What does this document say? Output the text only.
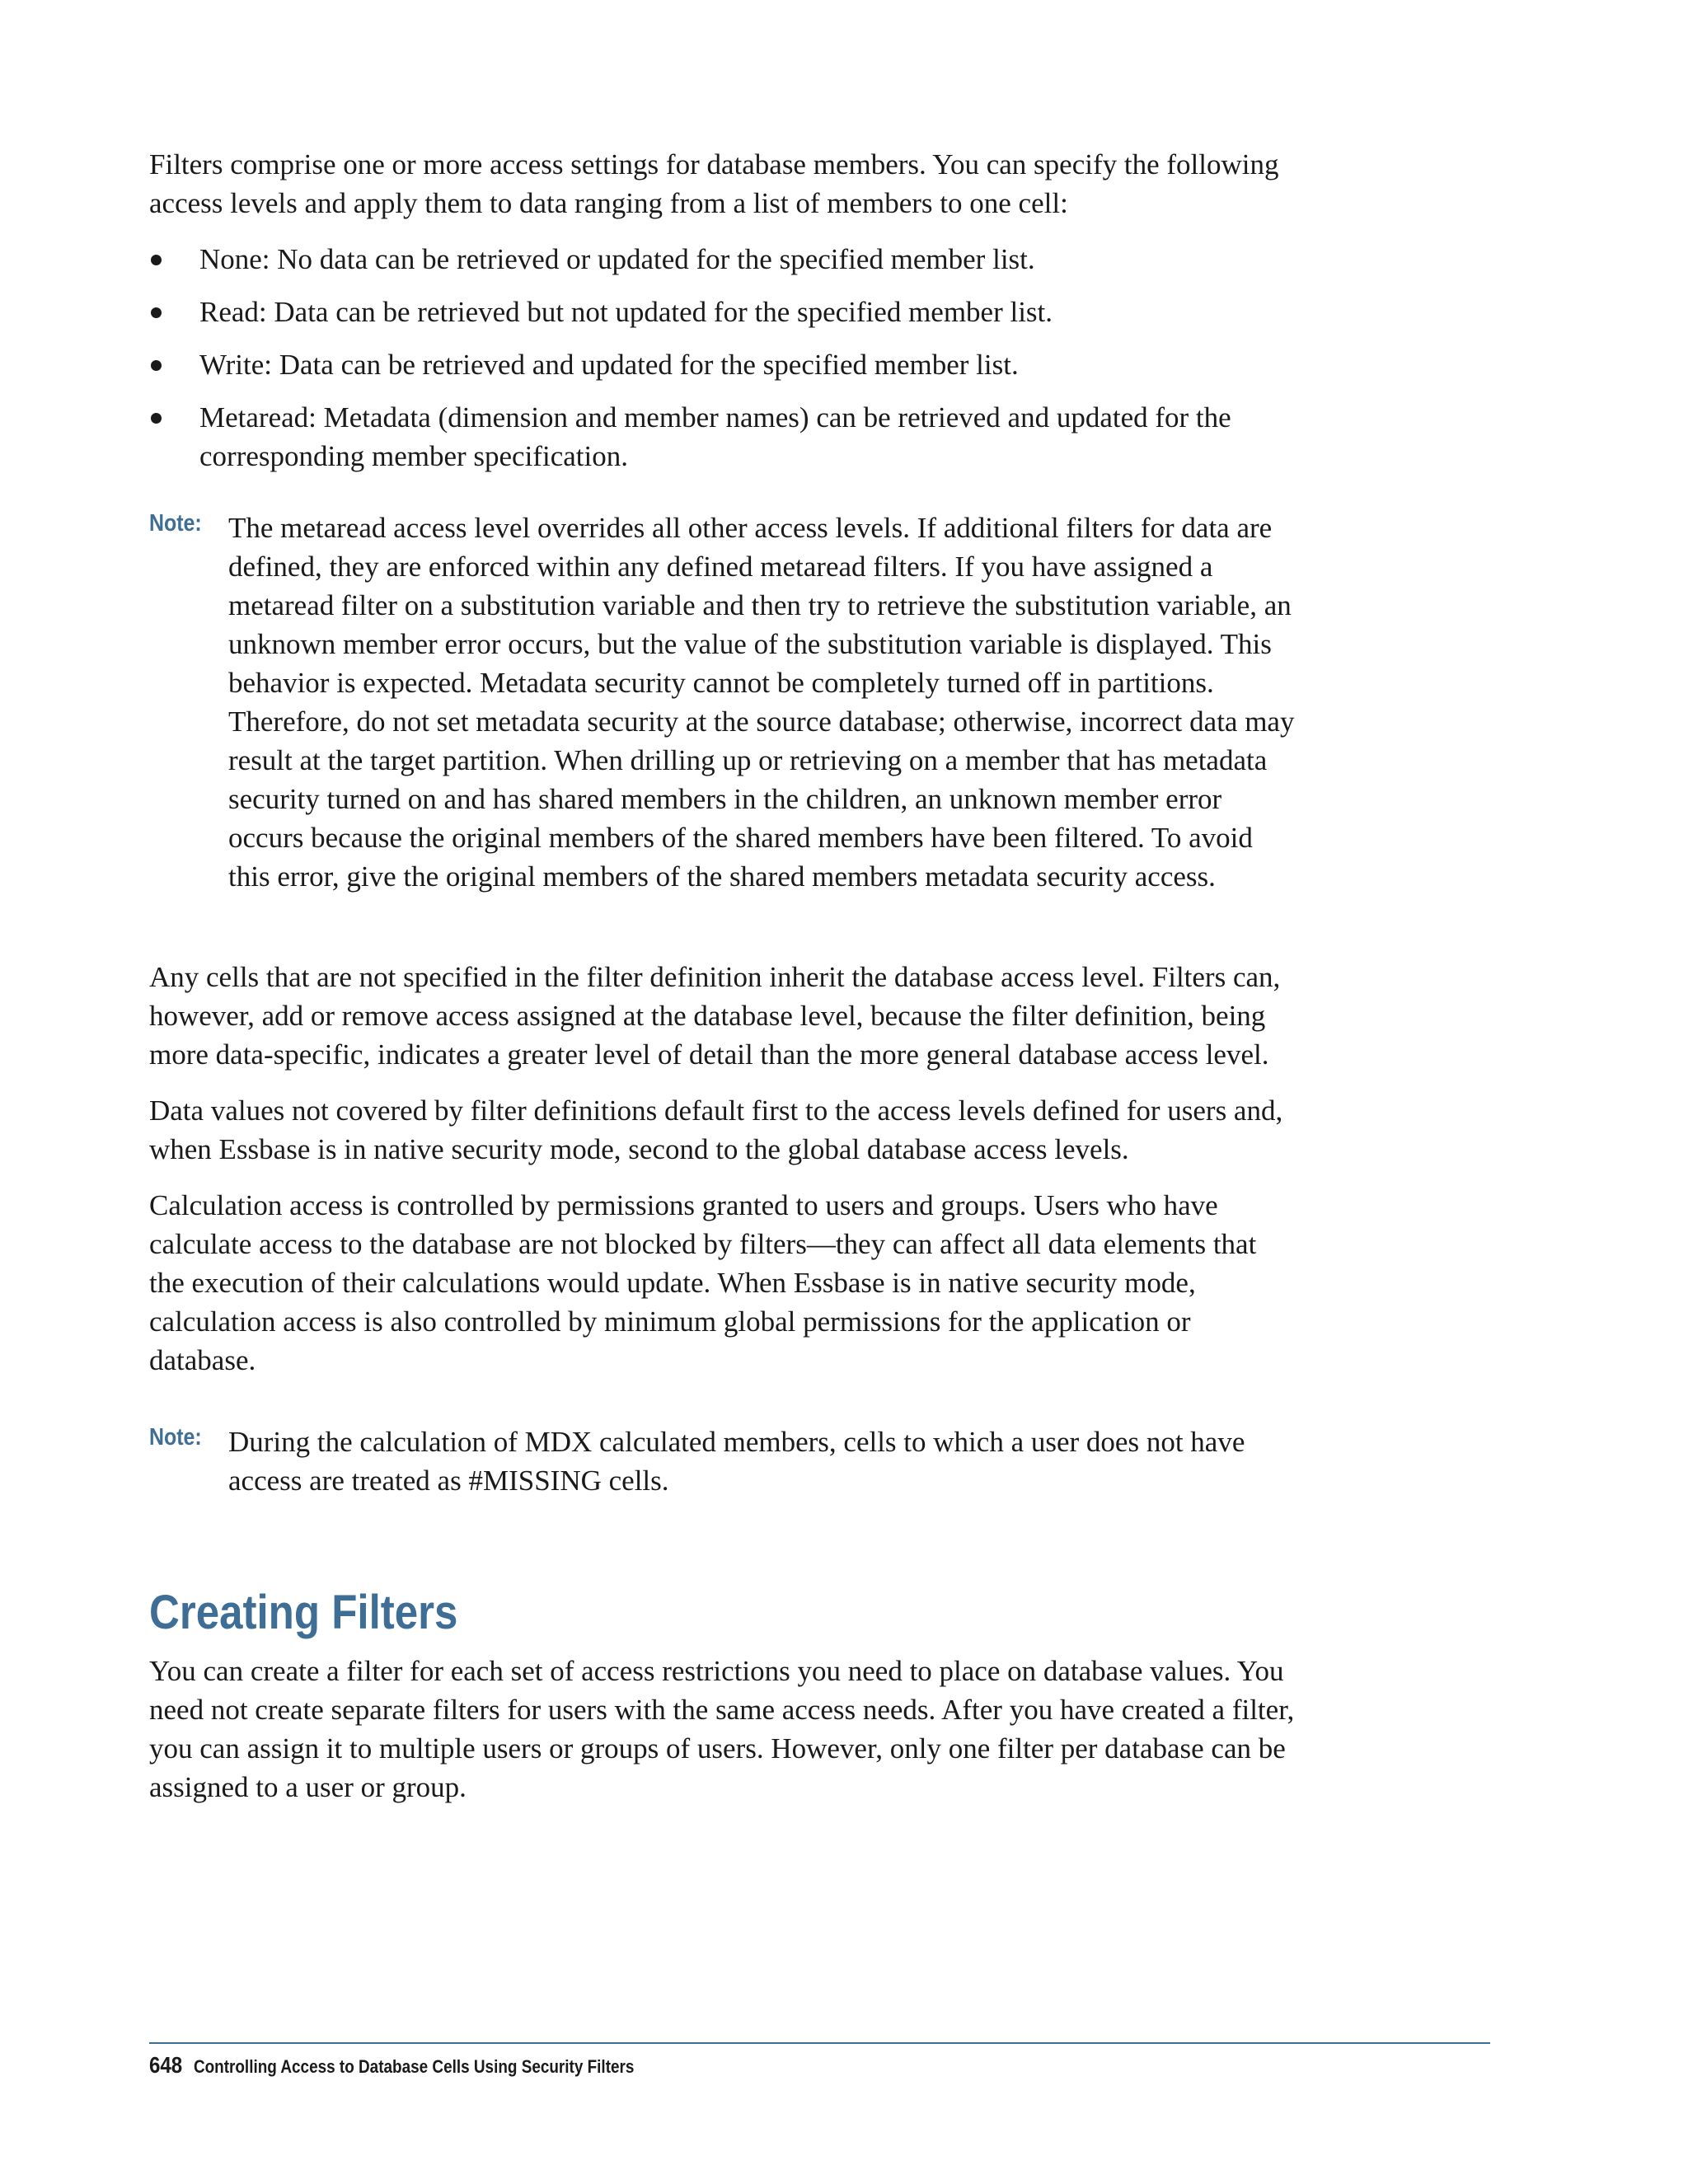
Filters comprise one or more access settings for database members. You can specify the following access levels and apply them to data ranging from a list of members to one cell:

None: No data can be retrieved or updated for the specified member list.
Read: Data can be retrieved but not updated for the specified member list.
Write: Data can be retrieved and updated for the specified member list.
Metaread: Metadata (dimension and member names) can be retrieved and updated for the corresponding member specification.
Note: The metaread access level overrides all other access levels. If additional filters for data are defined, they are enforced within any defined metaread filters. If you have assigned a metaread filter on a substitution variable and then try to retrieve the substitution variable, an unknown member error occurs, but the value of the substitution variable is displayed. This behavior is expected. Metadata security cannot be completely turned off in partitions. Therefore, do not set metadata security at the source database; otherwise, incorrect data may result at the target partition. When drilling up or retrieving on a member that has metadata security turned on and has shared members in the children, an unknown member error occurs because the original members of the shared members have been filtered. To avoid this error, give the original members of the shared members metadata security access.

Any cells that are not specified in the filter definition inherit the database access level. Filters can, however, add or remove access assigned at the database level, because the filter definition, being more data-specific, indicates a greater level of detail than the more general database access level.

Data values not covered by filter definitions default first to the access levels defined for users and, when Essbase is in native security mode, second to the global database access levels.

Calculation access is controlled by permissions granted to users and groups. Users who have calculate access to the database are not blocked by filters—they can affect all data elements that the execution of their calculations would update. When Essbase is in native security mode, calculation access is also controlled by minimum global permissions for the application or database.

Note: During the calculation of MDX calculated members, cells to which a user does not have access are treated as #MISSING cells.

Creating Filters

You can create a filter for each set of access restrictions you need to place on database values. You need not create separate filters for users with the same access needs. After you have created a filter, you can assign it to multiple users or groups of users. However, only one filter per database can be assigned to a user or group.

648 Controlling Access to Database Cells Using Security Filters
